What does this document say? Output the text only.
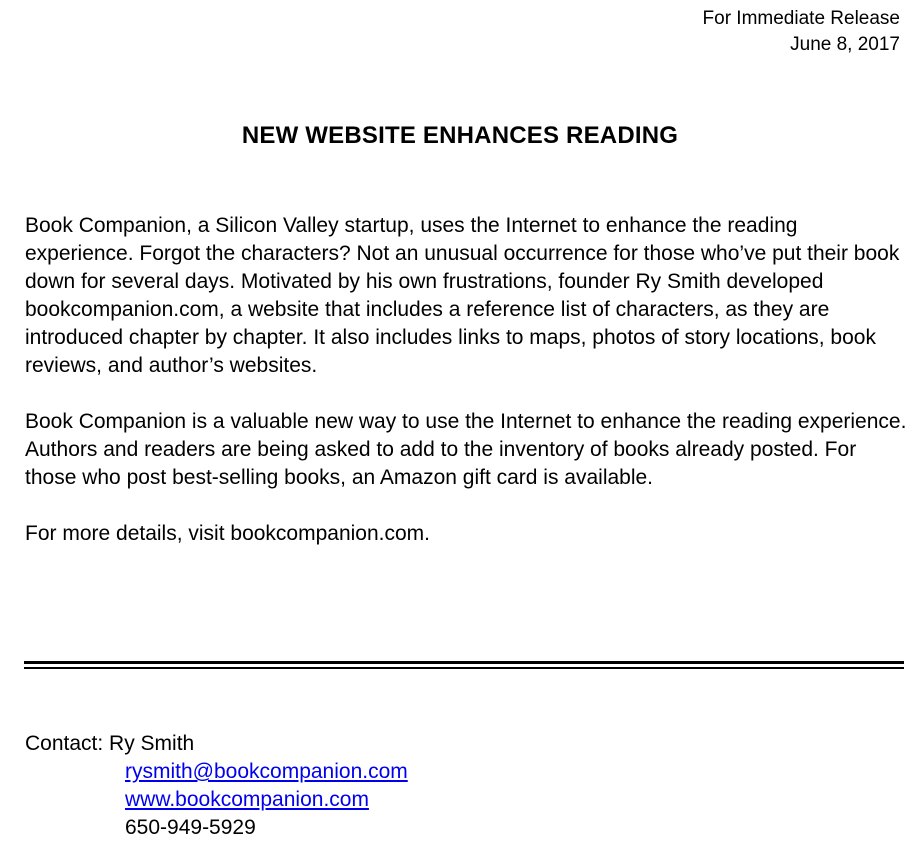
For Immediate Release
June 8, 2017
NEW WEBSITE ENHANCES READING

Book Companion, a Silicon Valley startup, uses the Internet to enhance the reading experience. Forgot the characters? Not an unusual occurrence for those who’ve put their book down for several days. Motivated by his own frustrations, founder Ry Smith developed bookcompanion.com, a website that includes a reference list of characters, as they are introduced chapter by chapter. It also includes links to maps, photos of story locations, book reviews, and author’s websites.

Book Companion is a valuable new way to use the Internet to enhance the reading experience. Authors and readers are being asked to add to the inventory of books already posted. For those who post best-selling books, an Amazon gift card is available.

For more details, visit bookcompanion.com.

Contact: Ry Smith
rysmith@bookcompanion.com
www.bookcompanion.com
650-949-5929
